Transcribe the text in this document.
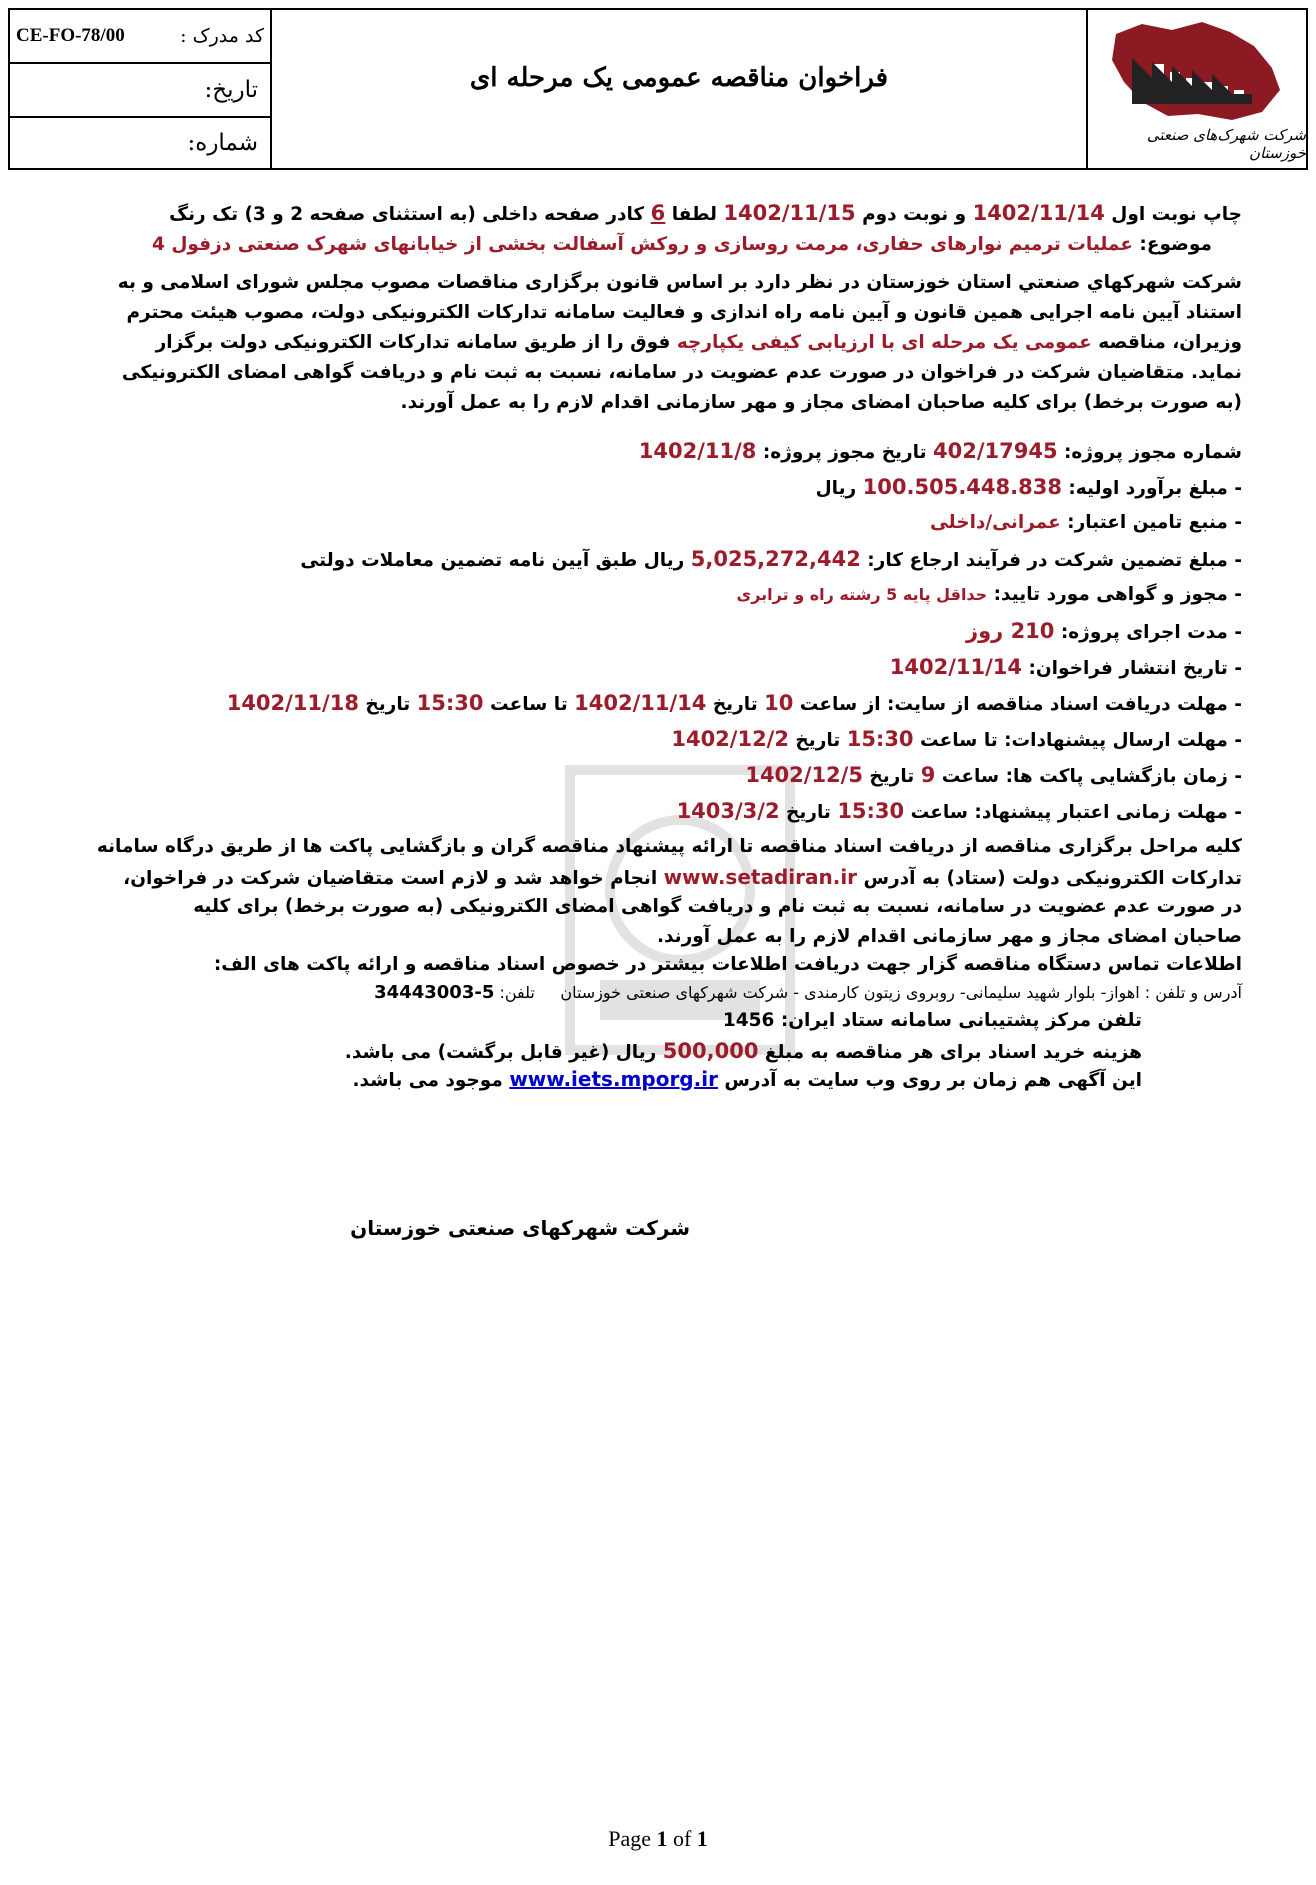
CE-FO-78/00	کد مدرک :
تاریخ:
شماره:
فراخوان مناقصه عمومی یک مرحله ای
شرکت شهرک‌های صنعتی خوزستان
چاپ نوبت اول 1402/11/14 و نوبت دوم 1402/11/15 لطفا 6 کادر صفحه داخلی (به استثنای صفحه 2 و 3) تک رنگ
موضوع: عملیات ترمیم نوارهای حفاری، مرمت روسازی و روکش آسفالت بخشی از خیابانهای شهرک صنعتی دزفول 4
شرکت شهرکهاي صنعتي استان خوزستان در نظر دارد بر اساس قانون برگزاری مناقصات مصوب مجلس شورای اسلامی و به
استناد آیین نامه اجرایی همین قانون و آیین نامه راه اندازی و فعالیت سامانه تدارکات الکترونیکی دولت، مصوب هیئت محترم
وزیران، مناقصه عمومی یک مرحله ای با ارزیابی کیفی یکپارچه فوق را از طریق سامانه تدارکات الکترونیکی دولت برگزار
نماید. متقاضیان شرکت در فراخوان در صورت عدم عضویت در سامانه، نسبت به ثبت نام و دریافت گواهی امضای الکترونیکی
(به صورت برخط) برای کلیه صاحبان امضای مجاز و مهر سازمانی اقدام لازم را به عمل آورند.
شماره مجوز پروژه: 402/17945 تاریخ مجوز پروژه: 1402/11/8
- مبلغ برآورد اولیه: 100.505.448.838 ریال
- منبع تامین اعتبار: عمرانی/داخلی
- مبلغ تضمین شرکت در فرآیند ارجاع کار: 5,025,272,442 ریال طبق آیین نامه تضمین معاملات دولتی
- مجوز و گواهی مورد تایید: حداقل پایه 5 رشته راه و ترابری
- مدت اجرای پروژه: 210 روز
- تاریخ انتشار فراخوان: 1402/11/14
- مهلت دریافت اسناد مناقصه از سایت: از ساعت 10 تاریخ 1402/11/14 تا ساعت 15:30 تاریخ 1402/11/18
- مهلت ارسال پیشنهادات: تا ساعت 15:30 تاریخ 1402/12/2
- زمان بازگشایی پاکت ها: ساعت 9 تاریخ 1402/12/5
- مهلت زمانی اعتبار پیشنهاد: ساعت 15:30 تاریخ 1403/3/2
کلیه مراحل برگزاری مناقصه از دریافت اسناد مناقصه تا ارائه پیشنهاد مناقصه گران و بازگشایی پاکت ها از طریق درگاه سامانه
تدارکات الکترونیکی دولت (ستاد) به آدرس www.setadiran.ir انجام خواهد شد و لازم است متقاضیان شرکت در فراخوان،
در صورت عدم عضویت در سامانه، نسبت به ثبت نام و دریافت گواهی امضای الکترونیکی (به صورت برخط) برای کلیه
صاحبان امضای مجاز و مهر سازمانی اقدام لازم را به عمل آورند.
اطلاعات تماس دستگاه مناقصه گزار جهت دریافت اطلاعات بیشتر در خصوص اسناد مناقصه و ارائه پاکت های الف:
آدرس و تلفن : اهواز- بلوار شهید سلیمانی- روبروی زیتون کارمندی - شرکت شهرکهای صنعتی خوزستان     تلفن: 34443003-5
تلفن مرکز پشتیبانی سامانه ستاد ایران: 1456
هزینه خرید اسناد برای هر مناقصه به مبلغ 500,000 ریال (غیر قابل برگشت) می باشد.
این آگهی هم زمان بر روی وب سایت به آدرس www.iets.mporg.ir موجود می باشد.
شرکت شهرکهای صنعتی خوزستان
Page 1 of 1
